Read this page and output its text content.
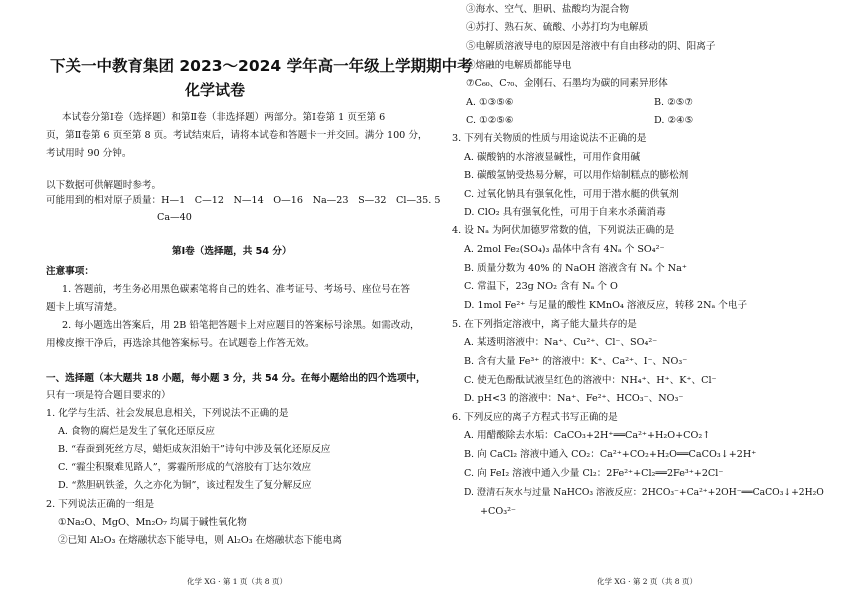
下关一中教育集团 2023～2024 学年高一年级上学期期中考
化学试卷
本试卷分第Ⅰ卷（选择题）和第Ⅱ卷（非选择题）两部分。第Ⅰ卷第 1 页至第 6
页，第Ⅱ卷第 6 页至第 8 页。考试结束后，请将本试卷和答题卡一并交回。满分 100 分，
考试用时 90 分钟。
以下数据可供解题时参考。
可能用到的相对原子质量：H—1　C—12　N—14　O—16　Na—23　S—32　Cl—35. 5
Ca—40
第Ⅰ卷（选择题，共 54 分）
注意事项：
1. 答题前，考生务必用黑色碳素笔将自己的姓名、准考证号、考场号、座位号在答
题卡上填写清楚。
2. 每小题选出答案后，用 2B 铅笔把答题卡上对应题目的答案标号涂黑。如需改动，
用橡皮擦干净后，再选涂其他答案标号。在试题卷上作答无效。
一、选择题（本大题共 18 小题，每小题 3 分，共 54 分。在每小题给出的四个选项中，
只有一项是符合题目要求的）
1. 化学与生活、社会发展息息相关，下列说法不正确的是
A. 食物的腐烂是发生了氧化还原反应
B. “春蚕到死丝方尽，蜡炬成灰泪始干”诗句中涉及氧化还原反应
C. “霾尘积聚难见路人”，雾霾所形成的气溶胶有丁达尔效应
D. “熬胆矾铁釜，久之亦化为铜”，该过程发生了复分解反应
2. 下列说法正确的一组是
①Na₂O、MgO、Mn₂O₇ 均属于碱性氧化物
②已知 Al₂O₃ 在熔融状态下能导电，则 Al₂O₃ 在熔融状态下能电离
化学 XG · 第 1 页（共 8 页）
③海水、空气、胆矾、盐酸均为混合物
④苏打、熟石灰、硫酸、小苏打均为电解质
⑤电解质溶液导电的原因是溶液中有自由移动的阴、阳离子
⑥熔融的电解质都能导电
⑦C₆₀、C₇₀、金刚石、石墨均为碳的同素异形体
A. ①③⑤⑥	B. ②⑤⑦
C. ①②⑤⑥	D. ②④⑤
3. 下列有关物质的性质与用途说法不正确的是
A. 碳酸钠的水溶液显碱性，可用作食用碱
B. 碳酸氢钠受热易分解，可以用作焙制糕点的膨松剂
C. 过氧化钠具有强氧化性，可用于潜水艇的供氧剂
D. ClO₂ 具有强氧化性，可用于自来水杀菌消毒
4. 设 Nₐ 为阿伏加德罗常数的值，下列说法正确的是
A. 2mol Fe₂(SO₄)₃ 晶体中含有 4Nₐ 个 SO₄²⁻
B. 质量分数为 40% 的 NaOH 溶液含有 Nₐ 个 Na⁺
C. 常温下，23g NO₂ 含有 Nₐ 个 O
D. 1mol Fe²⁺ 与足量的酸性 KMnO₄ 溶液反应，转移 2Nₐ 个电子
5. 在下列指定溶液中，离子能大量共存的是
A. 某透明溶液中：Na⁺、Cu²⁺、Cl⁻、SO₄²⁻
B. 含有大量 Fe³⁺ 的溶液中：K⁺、Ca²⁺、I⁻、NO₃⁻
C. 使无色酚酞试液呈红色的溶液中：NH₄⁺、H⁺、K⁺、Cl⁻
D. pH<3 的溶液中：Na⁺、Fe²⁺、HCO₃⁻、NO₃⁻
6. 下列反应的离子方程式书写正确的是
A. 用醋酸除去水垢：CaCO₃+2H⁺══Ca²⁺+H₂O+CO₂↑
B. 向 CaCl₂ 溶液中通入 CO₂：Ca²⁺+CO₂+H₂O══CaCO₃↓+2H⁺
C. 向 FeI₂ 溶液中通入少量 Cl₂：2Fe²⁺+Cl₂══2Fe³⁺+2Cl⁻
D. 澄清石灰水与过量 NaHCO₃ 溶液反应：2HCO₃⁻+Ca²⁺+2OH⁻══CaCO₃↓+2H₂O
+CO₃²⁻
化学 XG · 第 2 页（共 8 页）
